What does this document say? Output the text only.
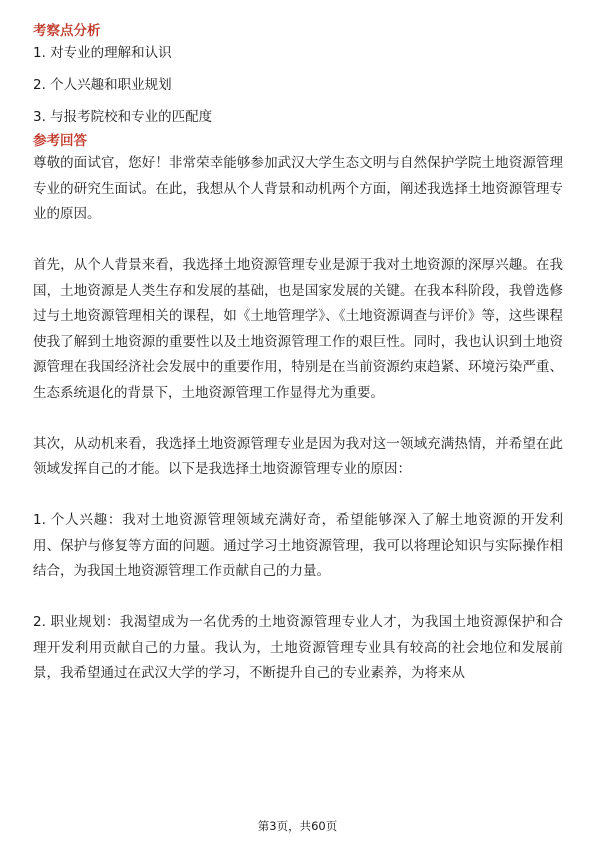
考察点分析
1. 对专业的理解和认识
2. 个人兴趣和职业规划
3. 与报考院校和专业的匹配度
参考回答

尊敬的面试官，您好！非常荣幸能够参加武汉大学生态文明与自然保护学院土地资源管理专业的研究生面试。在此，我想从个人背景和动机两个方面，阐述我选择土地资源管理专业的原因。

首先，从个人背景来看，我选择土地资源管理专业是源于我对土地资源的深厚兴趣。在我国，土地资源是人类生存和发展的基础，也是国家发展的关键。在我本科阶段，我曾选修过与土地资源管理相关的课程，如《土地管理学》、《土地资源调查与评价》等，这些课程使我了解到土地资源的重要性以及土地资源管理工作的艰巨性。同时，我也认识到土地资源管理在我国经济社会发展中的重要作用，特别是在当前资源约束趋紧、环境污染严重、生态系统退化的背景下，土地资源管理工作显得尤为重要。

其次，从动机来看，我选择土地资源管理专业是因为我对这一领域充满热情，并希望在此领域发挥自己的才能。以下是我选择土地资源管理专业的原因：

1. 个人兴趣：我对土地资源管理领域充满好奇，希望能够深入了解土地资源的开发利用、保护与修复等方面的问题。通过学习土地资源管理，我可以将理论知识与实际操作相结合，为我国土地资源管理工作贡献自己的力量。

2. 职业规划：我渴望成为一名优秀的土地资源管理专业人才，为我国土地资源保护和合理开发利用贡献自己的力量。我认为，土地资源管理专业具有较高的社会地位和发展前景，我希望通过在武汉大学的学习，不断提升自己的专业素养，为将来从

第3页，共60页
